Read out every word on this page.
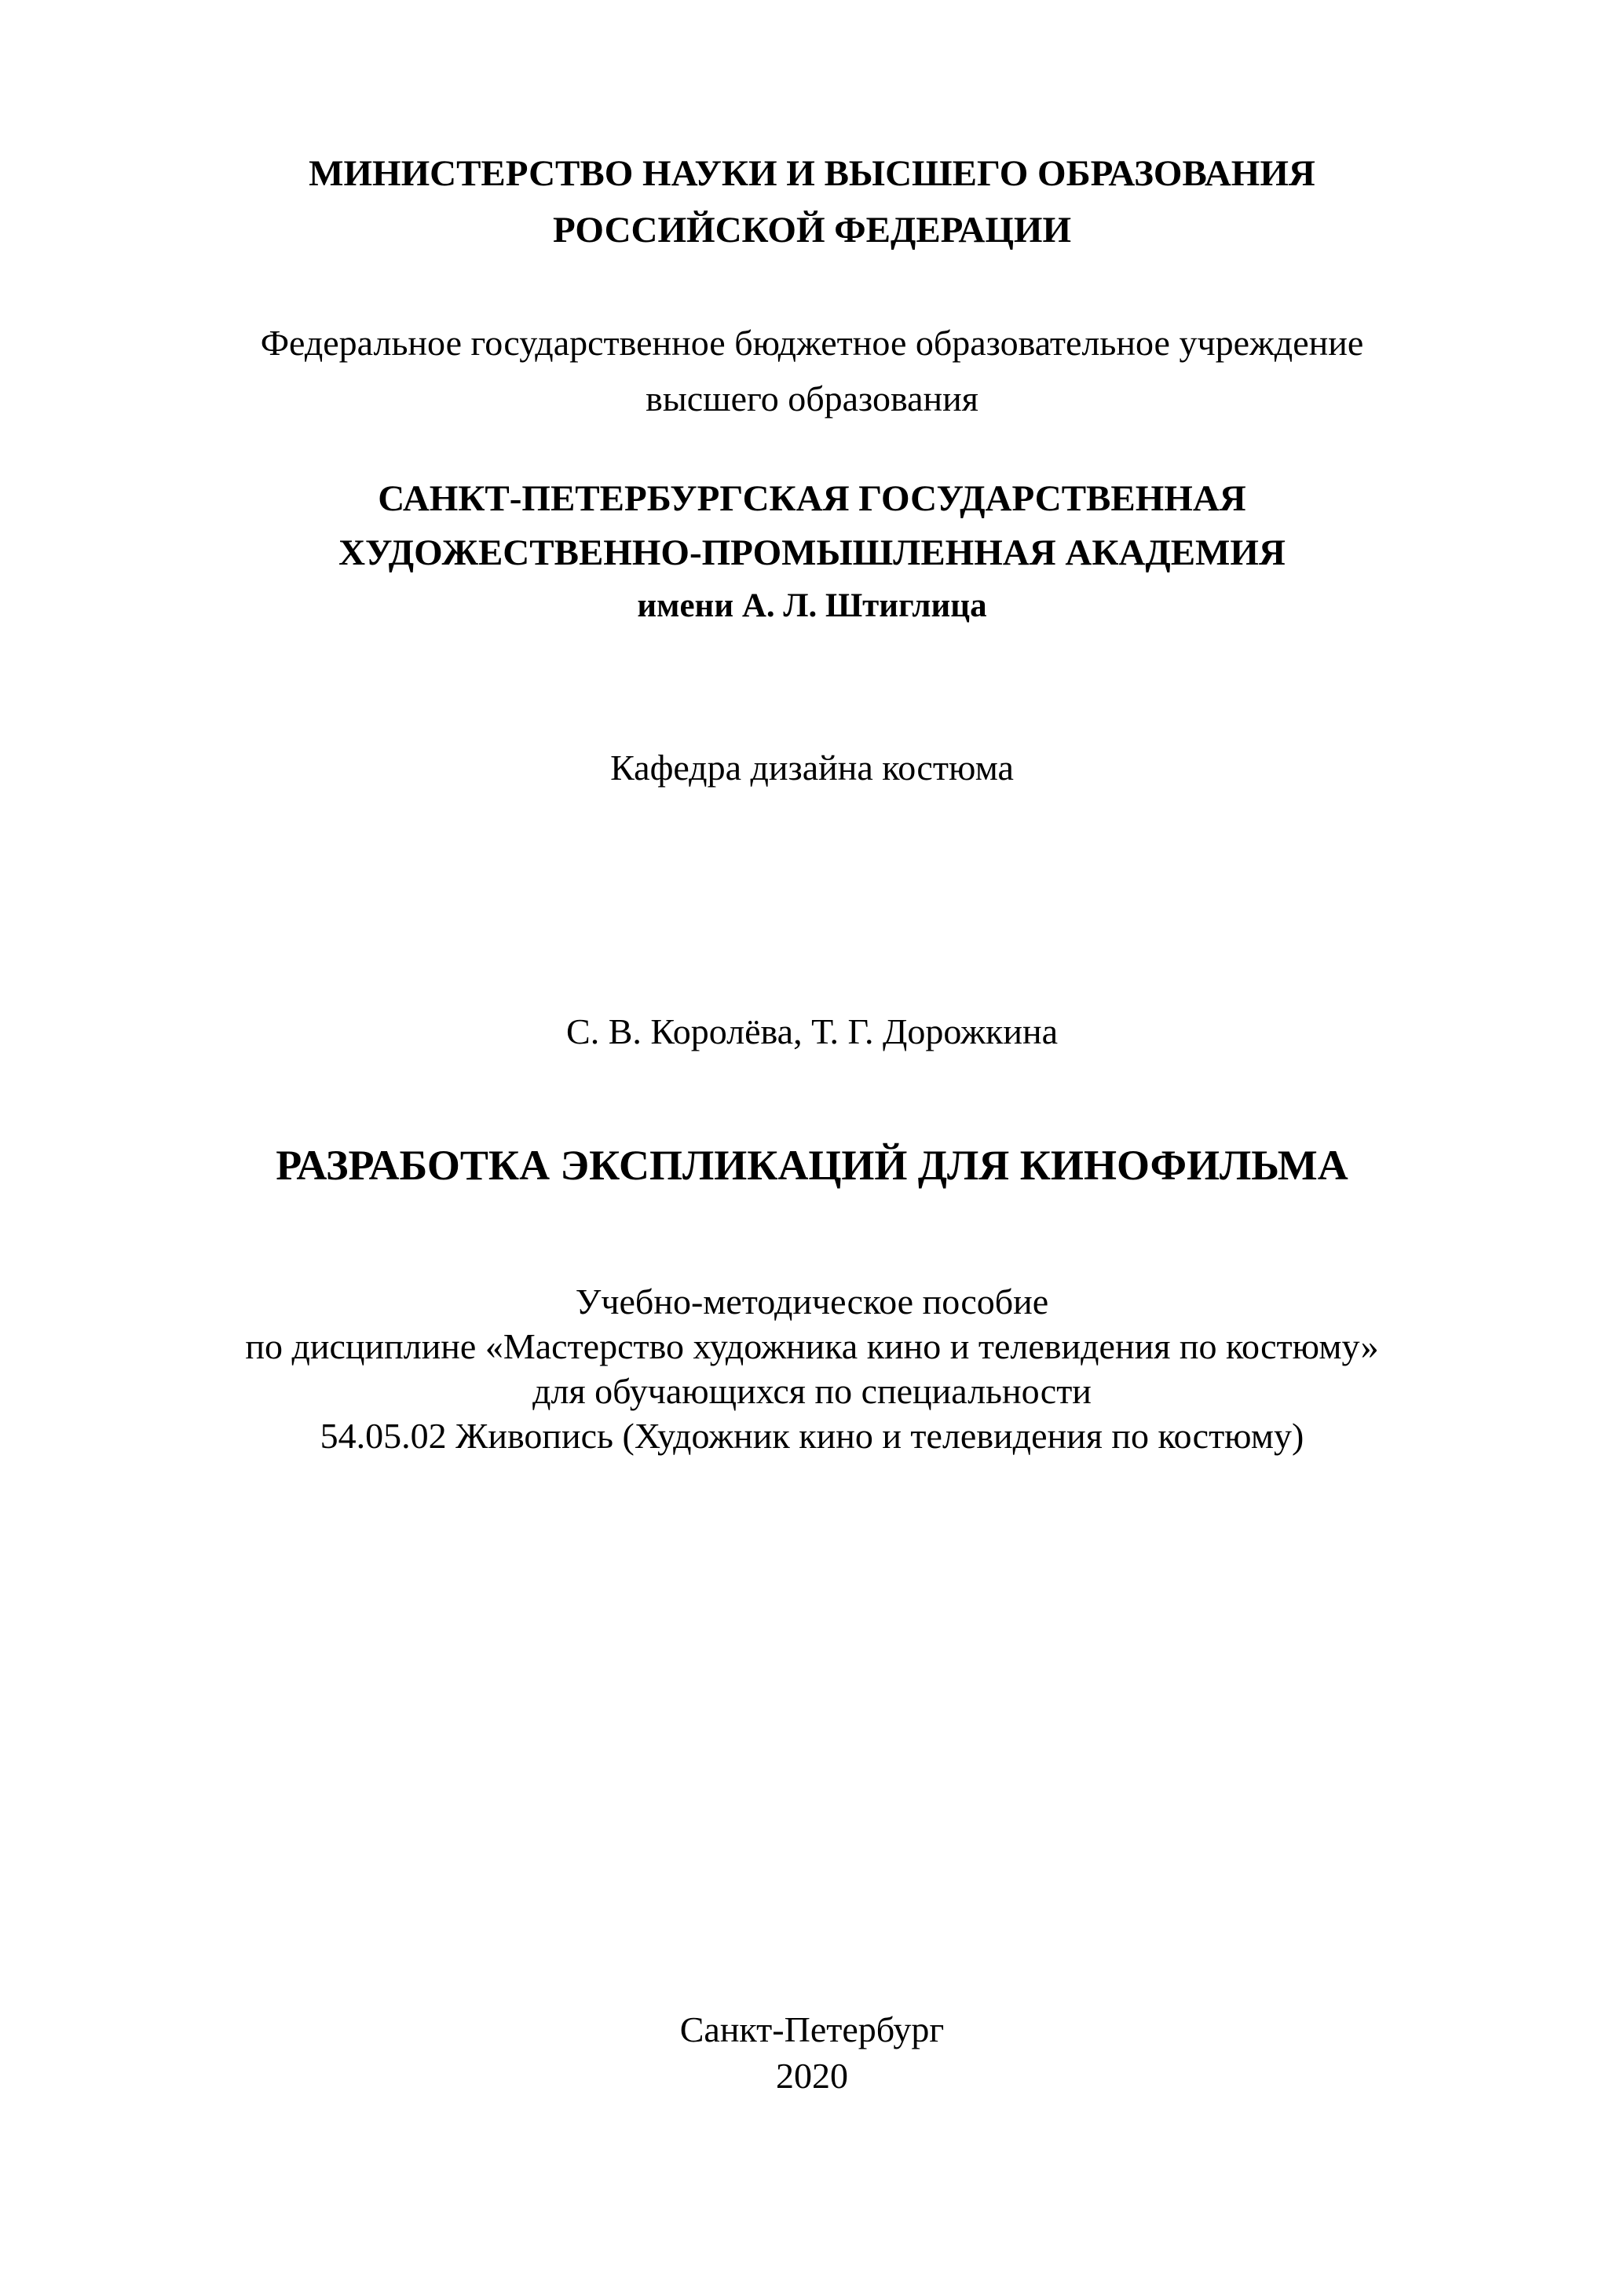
МИНИСТЕРСТВО НАУКИ И ВЫСШЕГО ОБРАЗОВАНИЯ
РОССИЙСКОЙ ФЕДЕРАЦИИ
Федеральное государственное бюджетное образовательное учреждение
высшего образования
САНКТ-ПЕТЕРБУРГСКАЯ ГОСУДАРСТВЕННАЯ
ХУДОЖЕСТВЕННО-ПРОМЫШЛЕННАЯ АКАДЕМИЯ
имени А. Л. Штиглица
Кафедра дизайна костюма
С. В. Королёва, Т. Г. Дорожкина
РАЗРАБОТКА ЭКСПЛИКАЦИЙ ДЛЯ КИНОФИЛЬМА
Учебно-методическое пособие
по дисциплине «Мастерство художника кино и телевидения по костюму»
для обучающихся по специальности
54.05.02 Живопись (Художник кино и телевидения по костюму)
Санкт-Петербург
2020
